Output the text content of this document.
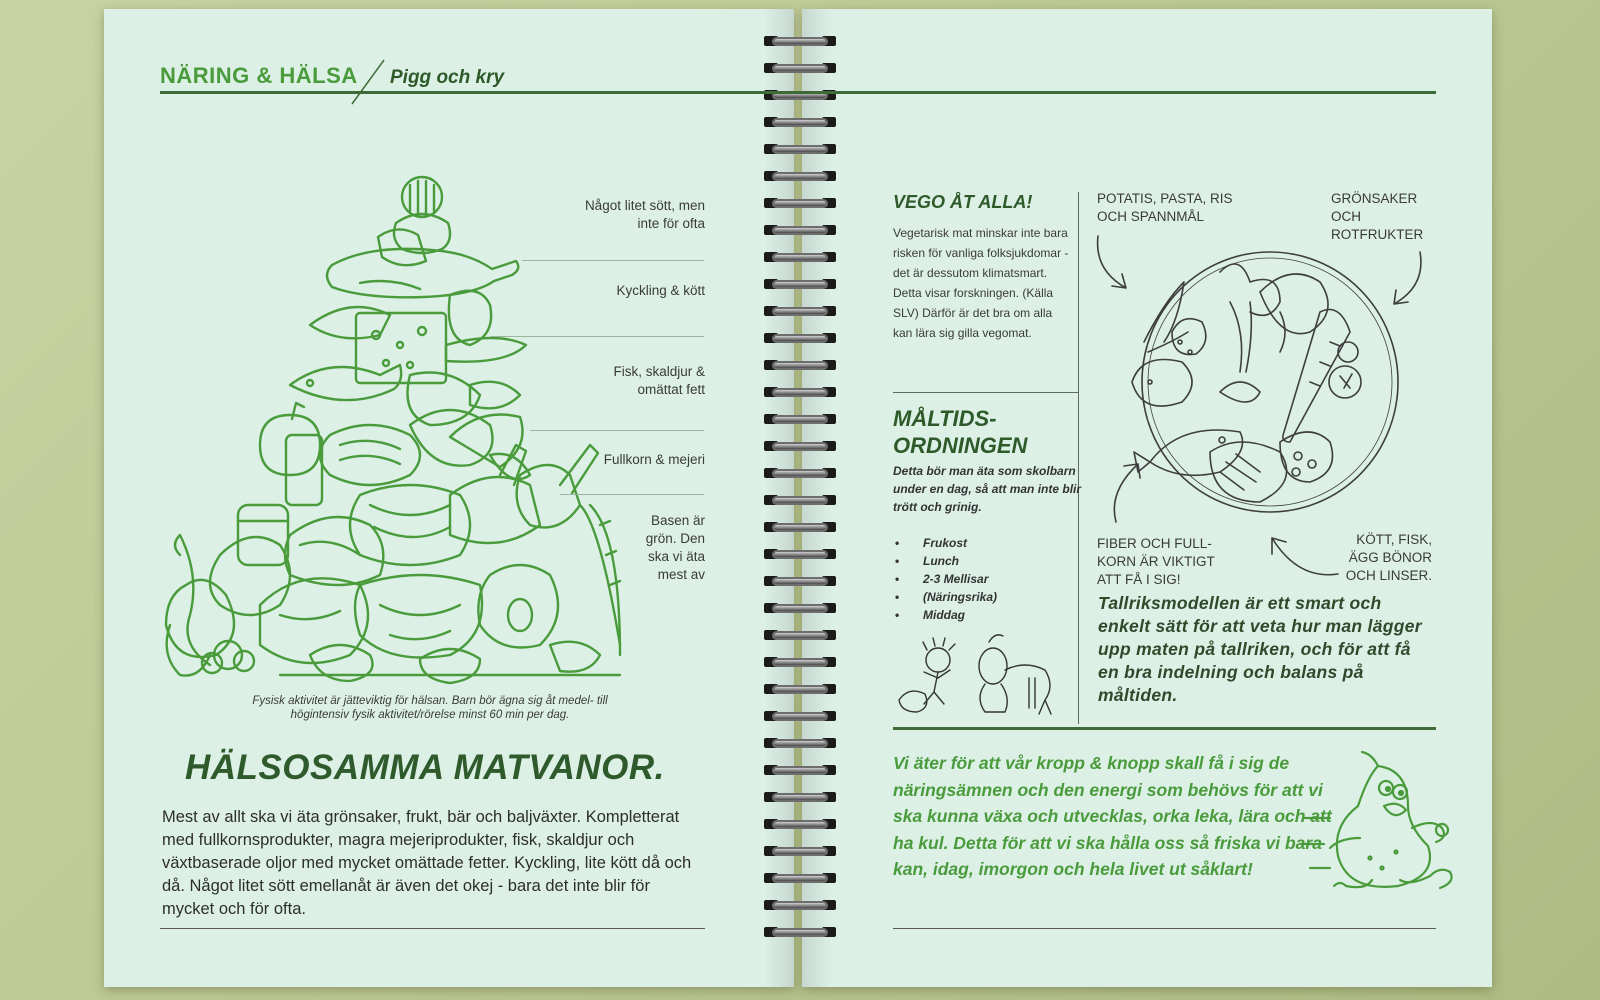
NÄRING & HÄLSA Pigg och kry
Något litet sött, men
inte för ofta
Kyckling & kött
Fisk, skaldjur &
omättat fett
Fullkorn & mejeri
Basen är
grön. Den
ska vi äta
mest av
Fysisk aktivitet är jätteviktig för hälsan. Barn bör ägna sig åt medel- till
högintensiv fysik aktivitet/rörelse minst 60 min per dag.
HÄLSOSAMMA MATVANOR.
Mest av allt ska vi äta grönsaker, frukt, bär och baljväxter. Kompletterat med fullkornsprodukter, magra mejeriprodukter, fisk, skaldjur och växtbaserade oljor med mycket omättade fetter. Kyckling, lite kött då och då. Något litet sött emellanåt är även det okej - bara det inte blir för mycket och för ofta.
VEGO ÅT ALLA!
Vegetarisk mat minskar inte bara risken för vanliga folksjukdomar - det är dessutom klimatsmart. Detta visar forskningen. (Källa SLV) Därför är det bra om alla kan lära sig gilla vegomat.
MÅLTIDS-
ORDNINGEN
Detta bör man äta som skolbarn under en dag, så att man inte blir trött och grinig.
• Frukost
• Lunch
• 2-3 Mellisar
• (Näringsrika)
• Middag
POTATIS, PASTA, RIS
OCH SPANNMÅL
GRÖNSAKER
OCH
ROTFRUKTER
FIBER OCH FULL-
KORN ÄR VIKTIGT
ATT FÅ I SIG!
KÖTT, FISK,
ÄGG BÖNOR
OCH LINSER.
Tallriksmodellen är ett smart och enkelt sätt för att veta hur man lägger upp maten på tallriken, och för att få en bra indelning och balans på måltiden.
Vi äter för att vår kropp & knopp skall få i sig de näringsämnen och den energi som behövs för att vi ska kunna växa och utvecklas, orka leka, lära och att ha kul. Detta för att vi ska hålla oss så friska vi bara kan, idag, imorgon och hela livet ut såklart!
